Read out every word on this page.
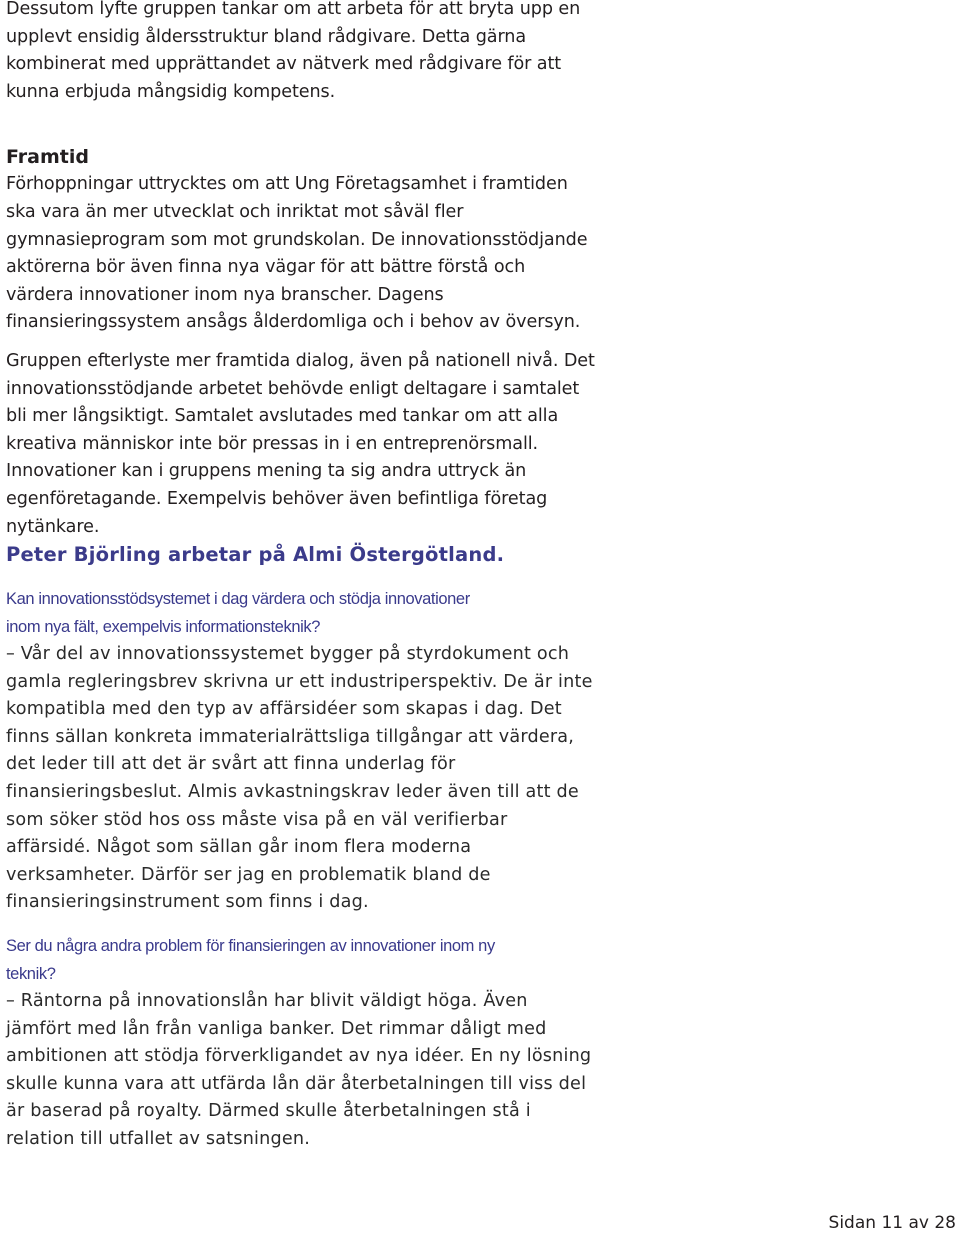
Dessutom lyfte gruppen tankar om att arbeta för att bryta upp en upplevt ensidig åldersstruktur bland rådgivare. Detta gärna kombinerat med upprättandet av nätverk med rådgivare för att kunna erbjuda mångsidig kompetens.

Framtid

Förhoppningar uttrycktes om att Ung Företagsamhet i framtiden ska vara än mer utvecklat och inriktat mot såväl fler gymnasieprogram som mot grundskolan. De innovationsstödjande aktörerna bör även finna nya vägar för att bättre förstå och värdera innovationer inom nya branscher. Dagens finansieringssystem ansågs ålderdomliga och i behov av översyn.

Gruppen efterlyste mer framtida dialog, även på nationell nivå. Det innovationsstödjande arbetet behövde enligt deltagare i samtalet bli mer långsiktigt. Samtalet avslutades med tankar om att alla kreativa människor inte bör pressas in i en entreprenörsmall. Innovationer kan i gruppens mening ta sig andra uttryck än egenföretagande. Exempelvis behöver även befintliga företag nytänkare.

Peter Björling arbetar på Almi Östergötland.

Kan innovationsstödsystemet i dag värdera och stödja innovationer inom nya fält, exempelvis informationsteknik?

– Vår del av innovationssystemet bygger på styrdokument och gamla regleringsbrev skrivna ur ett industriperspektiv. De är inte kompatibla med den typ av affärsidéer som skapas i dag. Det finns sällan konkreta immaterialrättsliga tillgångar att värdera, det leder till att det är svårt att finna underlag för finansieringsbeslut. Almis avkastningskrav leder även till att de som söker stöd hos oss måste visa på en väl verifierbar affärsidé. Något som sällan går inom flera moderna verksamheter. Därför ser jag en problematik bland de finansieringsinstrument som finns i dag.

Ser du några andra problem för finansieringen av innovationer inom ny teknik?

– Räntorna på innovationslån har blivit väldigt höga. Även jämfört med lån från vanliga banker. Det rimmar dåligt med ambitionen att stödja förverkligandet av nya idéer. En ny lösning skulle kunna vara att utfärda lån där återbetalningen till viss del är baserad på royalty. Därmed skulle återbetalningen stå i relation till utfallet av satsningen.

Sidan 11 av 28
